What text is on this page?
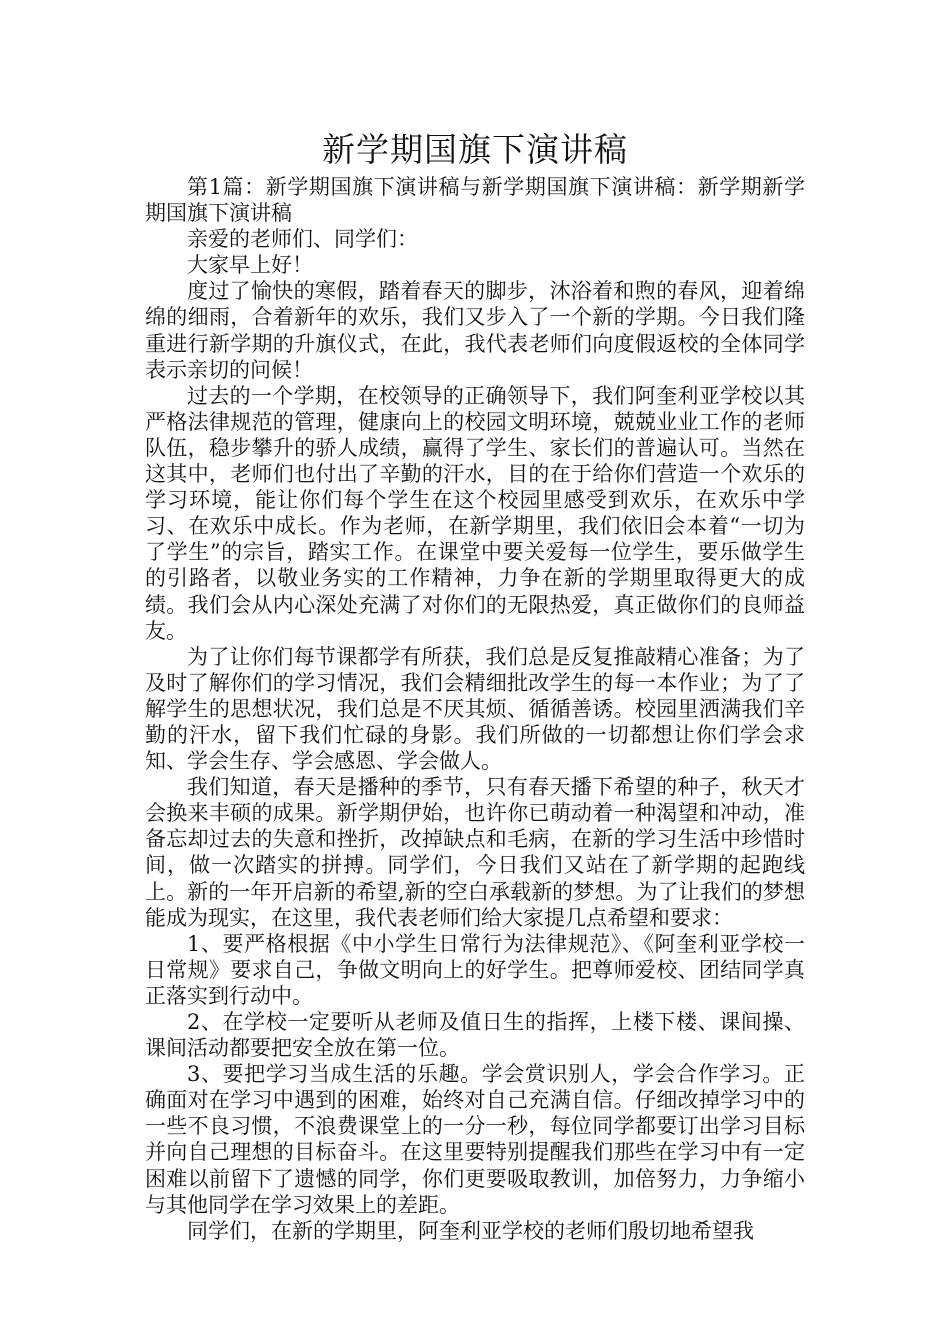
新学期国旗下演讲稿

第1篇：新学期国旗下演讲稿与新学期国旗下演讲稿：新学期新学期国旗下演讲稿

亲爱的老师们、同学们：

大家早上好！

度过了愉快的寒假，踏着春天的脚步，沐浴着和煦的春风，迎着绵绵的细雨，合着新年的欢乐，我们又步入了一个新的学期。今日我们隆重进行新学期的升旗仪式，在此，我代表老师们向度假返校的全体同学表示亲切的问候！

过去的一个学期，在校领导的正确领导下，我们阿奎利亚学校以其严格法律规范的管理，健康向上的校园文明环境，兢兢业业工作的老师队伍，稳步攀升的骄人成绩，赢得了学生、家长们的普遍认可。当然在这其中，老师们也付出了辛勤的汗水，目的在于给你们营造一个欢乐的学习环境，能让你们每个学生在这个校园里感受到欢乐，在欢乐中学习、在欢乐中成长。作为老师，在新学期里，我们依旧会本着“一切为了学生”的宗旨，踏实工作。在课堂中要关爱每一位学生，要乐做学生的引路者，以敬业务实的工作精神，力争在新的学期里取得更大的成绩。我们会从内心深处充满了对你们的无限热爱，真正做你们的良师益友。

为了让你们每节课都学有所获，我们总是反复推敲精心准备；为了及时了解你们的学习情况，我们会精细批改学生的每一本作业；为了了解学生的思想状况，我们总是不厌其烦、循循善诱。校园里洒满我们辛勤的汗水，留下我们忙碌的身影。我们所做的一切都想让你们学会求知、学会生存、学会感恩、学会做人。

我们知道，春天是播种的季节，只有春天播下希望的种子，秋天才会换来丰硕的成果。新学期伊始，也许你已萌动着一种渴望和冲动，准备忘却过去的失意和挫折，改掉缺点和毛病，在新的学习生活中珍惜时间，做一次踏实的拼搏。同学们，今日我们又站在了新学期的起跑线上。新的一年开启新的希望,新的空白承载新的梦想。为了让我们的梦想能成为现实，在这里，我代表老师们给大家提几点希望和要求：

1、要严格根据《中小学生日常行为法律规范》、《阿奎利亚学校一日常规》要求自己，争做文明向上的好学生。把尊师爱校、团结同学真正落实到行动中。

2、在学校一定要听从老师及值日生的指挥，上楼下楼、课间操、课间活动都要把安全放在第一位。

3、要把学习当成生活的乐趣。学会赏识别人，学会合作学习。正确面对在学习中遇到的困难，始终对自己充满自信。仔细改掉学习中的一些不良习惯，不浪费课堂上的一分一秒，每位同学都要订出学习目标并向自己理想的目标奋斗。在这里要特别提醒我们那些在学习中有一定困难以前留下了遗憾的同学，你们更要吸取教训，加倍努力，力争缩小与其他同学在学习效果上的差距。

同学们，在新的学期里，阿奎利亚学校的老师们殷切地希望我
